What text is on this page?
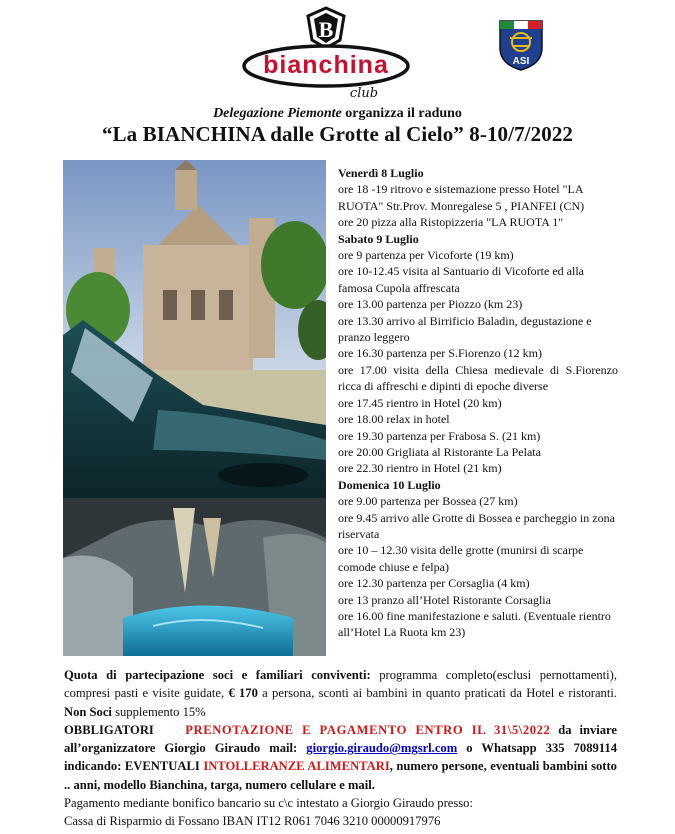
B
bianchina
club
ASI
Delegazione Piemonte organizza il raduno
“La BIANCHINA dalle Grotte al Cielo” 8-10/7/2022
Venerdì 8 Luglio
ore 18 -19 ritrovo e sistemazione presso Hotel "LA RUOTA" Str.Prov. Monregalese 5 , PIANFEI (CN)
ore 20 pizza alla Ristopizzeria "LA RUOTA 1"
Sabato 9 Luglio
ore 9 partenza per Vicoforte (19 km)
ore 10-12.45 visita al Santuario di Vicoforte ed alla famosa Cupola affrescata
ore 13.00 partenza per Piozzo (km 23)
ore 13.30 arrivo al Birrificio Baladin, degustazione e pranzo leggero
ore 16.30 partenza per S.Fiorenzo (12 km)
ore 17.00 visita della Chiesa medievale di S.Fiorenzo ricca di affreschi e dipinti di epoche diverse
ore 17.45 rientro in Hotel (20 km)
ore 18.00 relax in hotel
ore 19.30 partenza per Frabosa S. (21 km)
ore 20.00 Grigliata al Ristorante La Pelata
ore 22.30 rientro in Hotel (21 km)
Domenica 10 Luglio
ore 9.00 partenza per Bossea (27 km)
ore 9.45 arrivo alle Grotte di Bossea e parcheggio in zona riservata
ore 10 – 12.30 visita delle grotte (munirsi di scarpe comode chiuse e felpa)
ore 12.30 partenza per Corsaglia (4 km)
ore 13 pranzo all’Hotel Ristorante Corsaglia
ore 16.00 fine manifestazione e saluti. (Eventuale rientro all’Hotel La Ruota km 23)

Quota di partecipazione soci e familiari conviventi: programma completo(esclusi pernottamenti), compresi pasti e visite guidate, € 170 a persona, sconti ai bambini in quanto praticati da Hotel e ristoranti. Non Soci supplemento 15%

OBBLIGATORI PRENOTAZIONE E PAGAMENTO ENTRO IL 31\5\2022 da inviare all’organizzatore Giorgio Giraudo mail: giorgio.giraudo@mgsrl.com o Whatsapp 335 7089114 indicando: EVENTUALI INTOLLERANZE ALIMENTARI, numero persone, eventuali bambini sotto .. anni, modello Bianchina, targa, numero cellulare e mail.

Pagamento mediante bonifico bancario su c\c intestato a Giorgio Giraudo presso:

Cassa di Risparmio di Fossano IBAN IT12 R061 7046 3210 00000917976
